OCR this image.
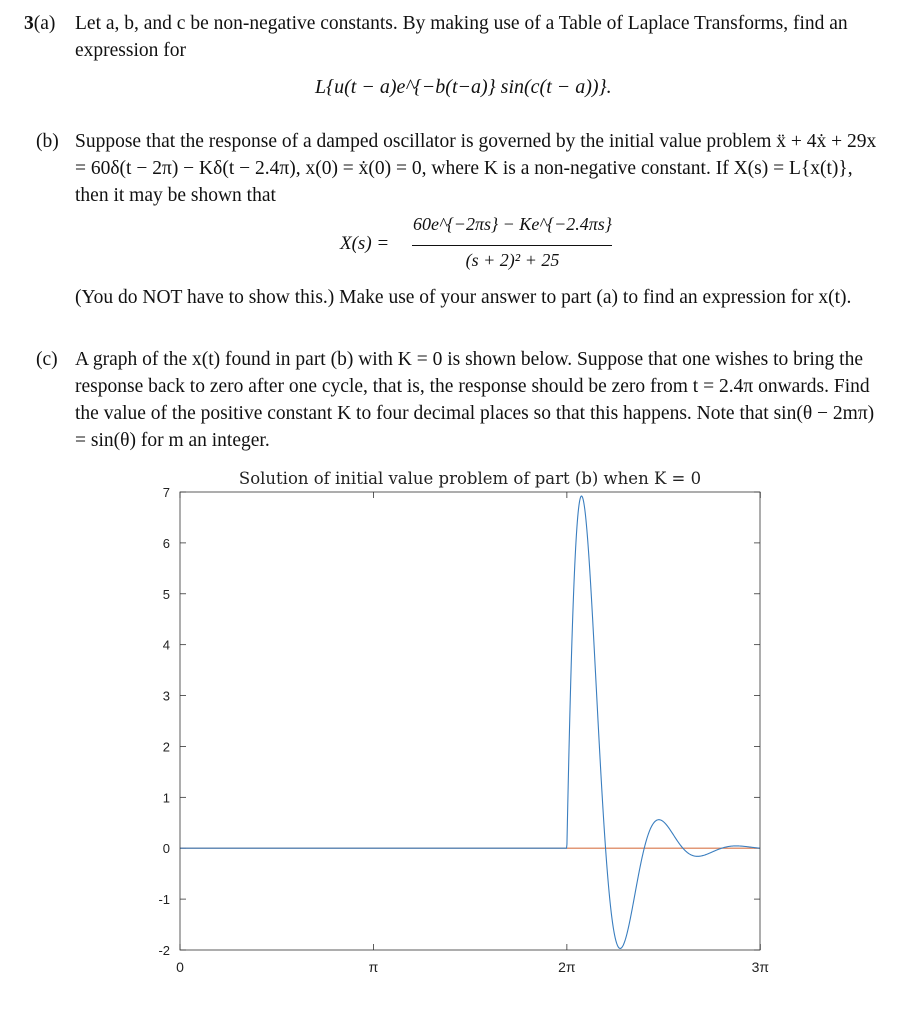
3(a) Let a, b, and c be non-negative constants. By making use of a Table of Laplace Transforms, find an expression for
L{u(t − a)e^{−b(t−a)} sin(c(t − a))}.
(b) Suppose that the response of a damped oscillator is governed by the initial value problem ẍ + 4ẋ + 29x = 60δ(t − 2π) − Kδ(t − 2.4π), x(0) = ẋ(0) = 0, where K is a non-negative constant. If X(s) = L{x(t)}, then it may be shown that
X(s) =
60e^{−2πs} − Ke^{−2.4πs}
(s + 2)² + 25
(You do NOT have to show this.) Make use of your answer to part (a) to find an expression for x(t).
(c) A graph of the x(t) found in part (b) with K = 0 is shown below. Suppose that one wishes to bring the response back to zero after one cycle, that is, the response should be zero from t = 2.4π onwards. Find the value of the positive constant K to four decimal places so that this happens. Note that sin(θ − 2mπ) = sin(θ) for m an integer.
Solution of initial value problem of part (b) when K = 0
7
6
5
4
3
2
1
0
-1
-2
0	π	2π	3π
